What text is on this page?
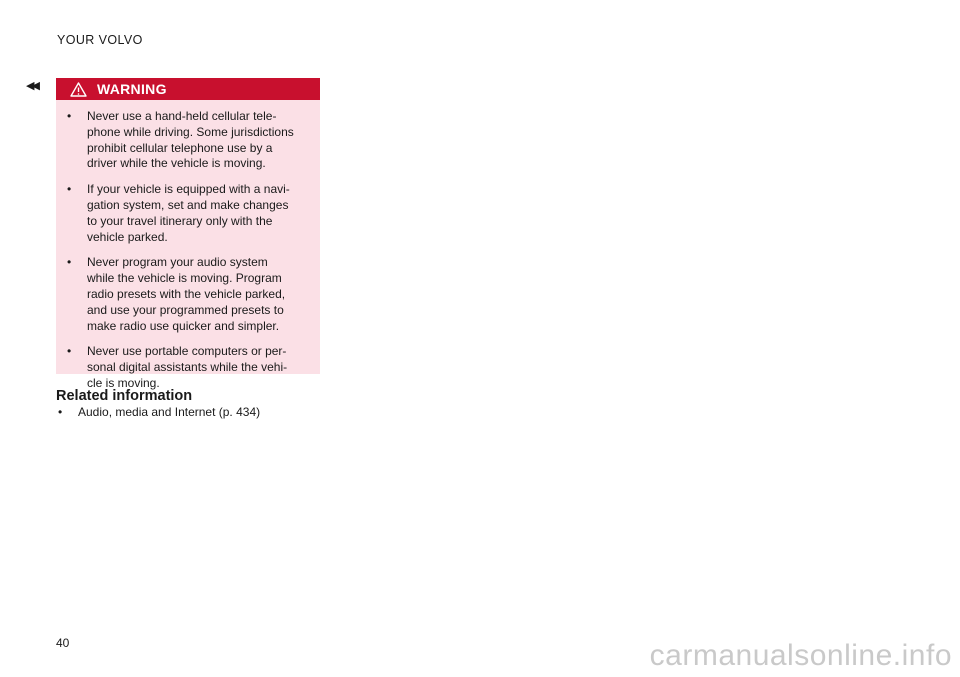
YOUR VOLVO
◀◀	WARNING
• Never use a hand-held cellular tele-
phone while driving. Some jurisdictions
prohibit cellular telephone use by a
driver while the vehicle is moving.
• If your vehicle is equipped with a navi-
gation system, set and make changes
to your travel itinerary only with the
vehicle parked.
• Never program your audio system
while the vehicle is moving. Program
radio presets with the vehicle parked,
and use your programmed presets to
make radio use quicker and simpler.
• Never use portable computers or per-
sonal digital assistants while the vehi-
cle is moving.
Related information
• Audio, media and Internet (p. 434)
40	carmanualsonline.info
